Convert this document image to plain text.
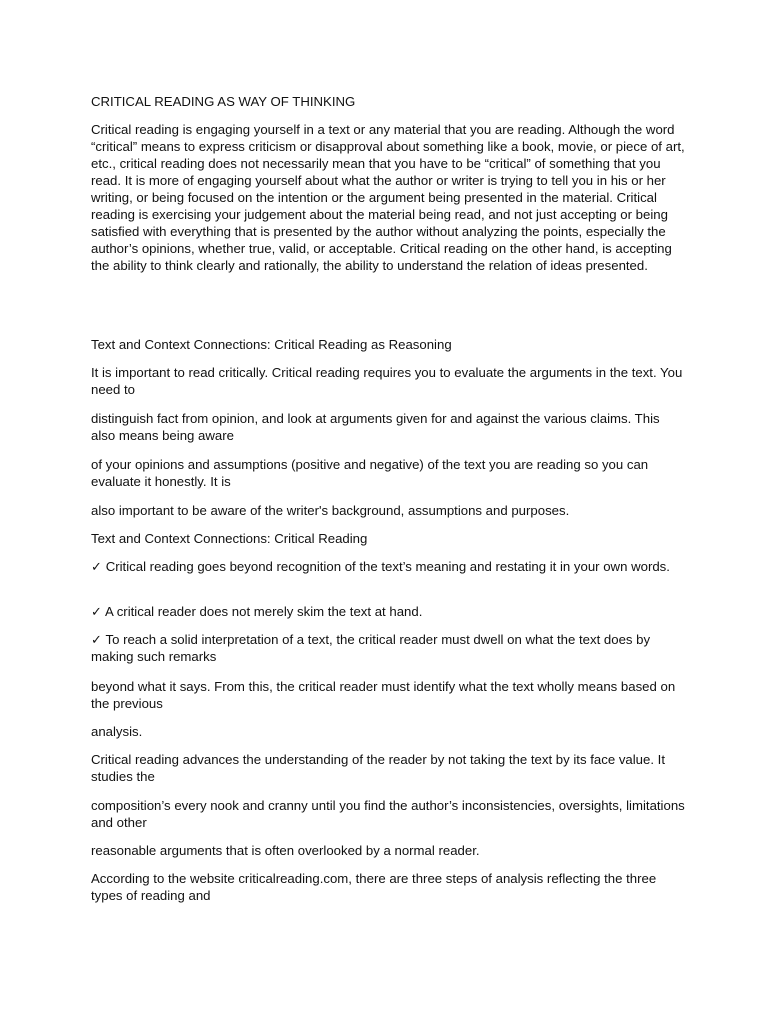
CRITICAL READING AS WAY OF THINKING

Critical reading is engaging yourself in a text or any material that you are reading. Although the word “critical” means to express criticism or disapproval about something like a book, movie, or piece of art, etc., critical reading does not necessarily mean that you have to be “critical” of something that you read. It is more of engaging yourself about what the author or writer is trying to tell you in his or her writing, or being focused on the intention or the argument being presented in the material. Critical reading is exercising your judgement about the material being read, and not just accepting or being satisfied with everything that is presented by the author without analyzing the points, especially the author’s opinions, whether true, valid, or acceptable. Critical reading on the other hand, is accepting the ability to think clearly and rationally, the ability to understand the relation of ideas presented.

Text and Context Connections: Critical Reading as Reasoning

It is important to read critically. Critical reading requires you to evaluate the arguments in the text. You need to

distinguish fact from opinion, and look at arguments given for and against the various claims. This also means being aware

of your opinions and assumptions (positive and negative) of the text you are reading so you can evaluate it honestly. It is

also important to be aware of the writer's background, assumptions and purposes.

Text and Context Connections: Critical Reading

✓ Critical reading goes beyond recognition of the text’s meaning and restating it in your own words.

✓ A critical reader does not merely skim the text at hand.

✓ To reach a solid interpretation of a text, the critical reader must dwell on what the text does by making such remarks

beyond what it says. From this, the critical reader must identify what the text wholly means based on the previous

analysis.

Critical reading advances the understanding of the reader by not taking the text by its face value. It studies the

composition’s every nook and cranny until you find the author’s inconsistencies, oversights, limitations and other

reasonable arguments that is often overlooked by a normal reader.

According to the website criticalreading.com, there are three steps of analysis reflecting the three types of reading and
